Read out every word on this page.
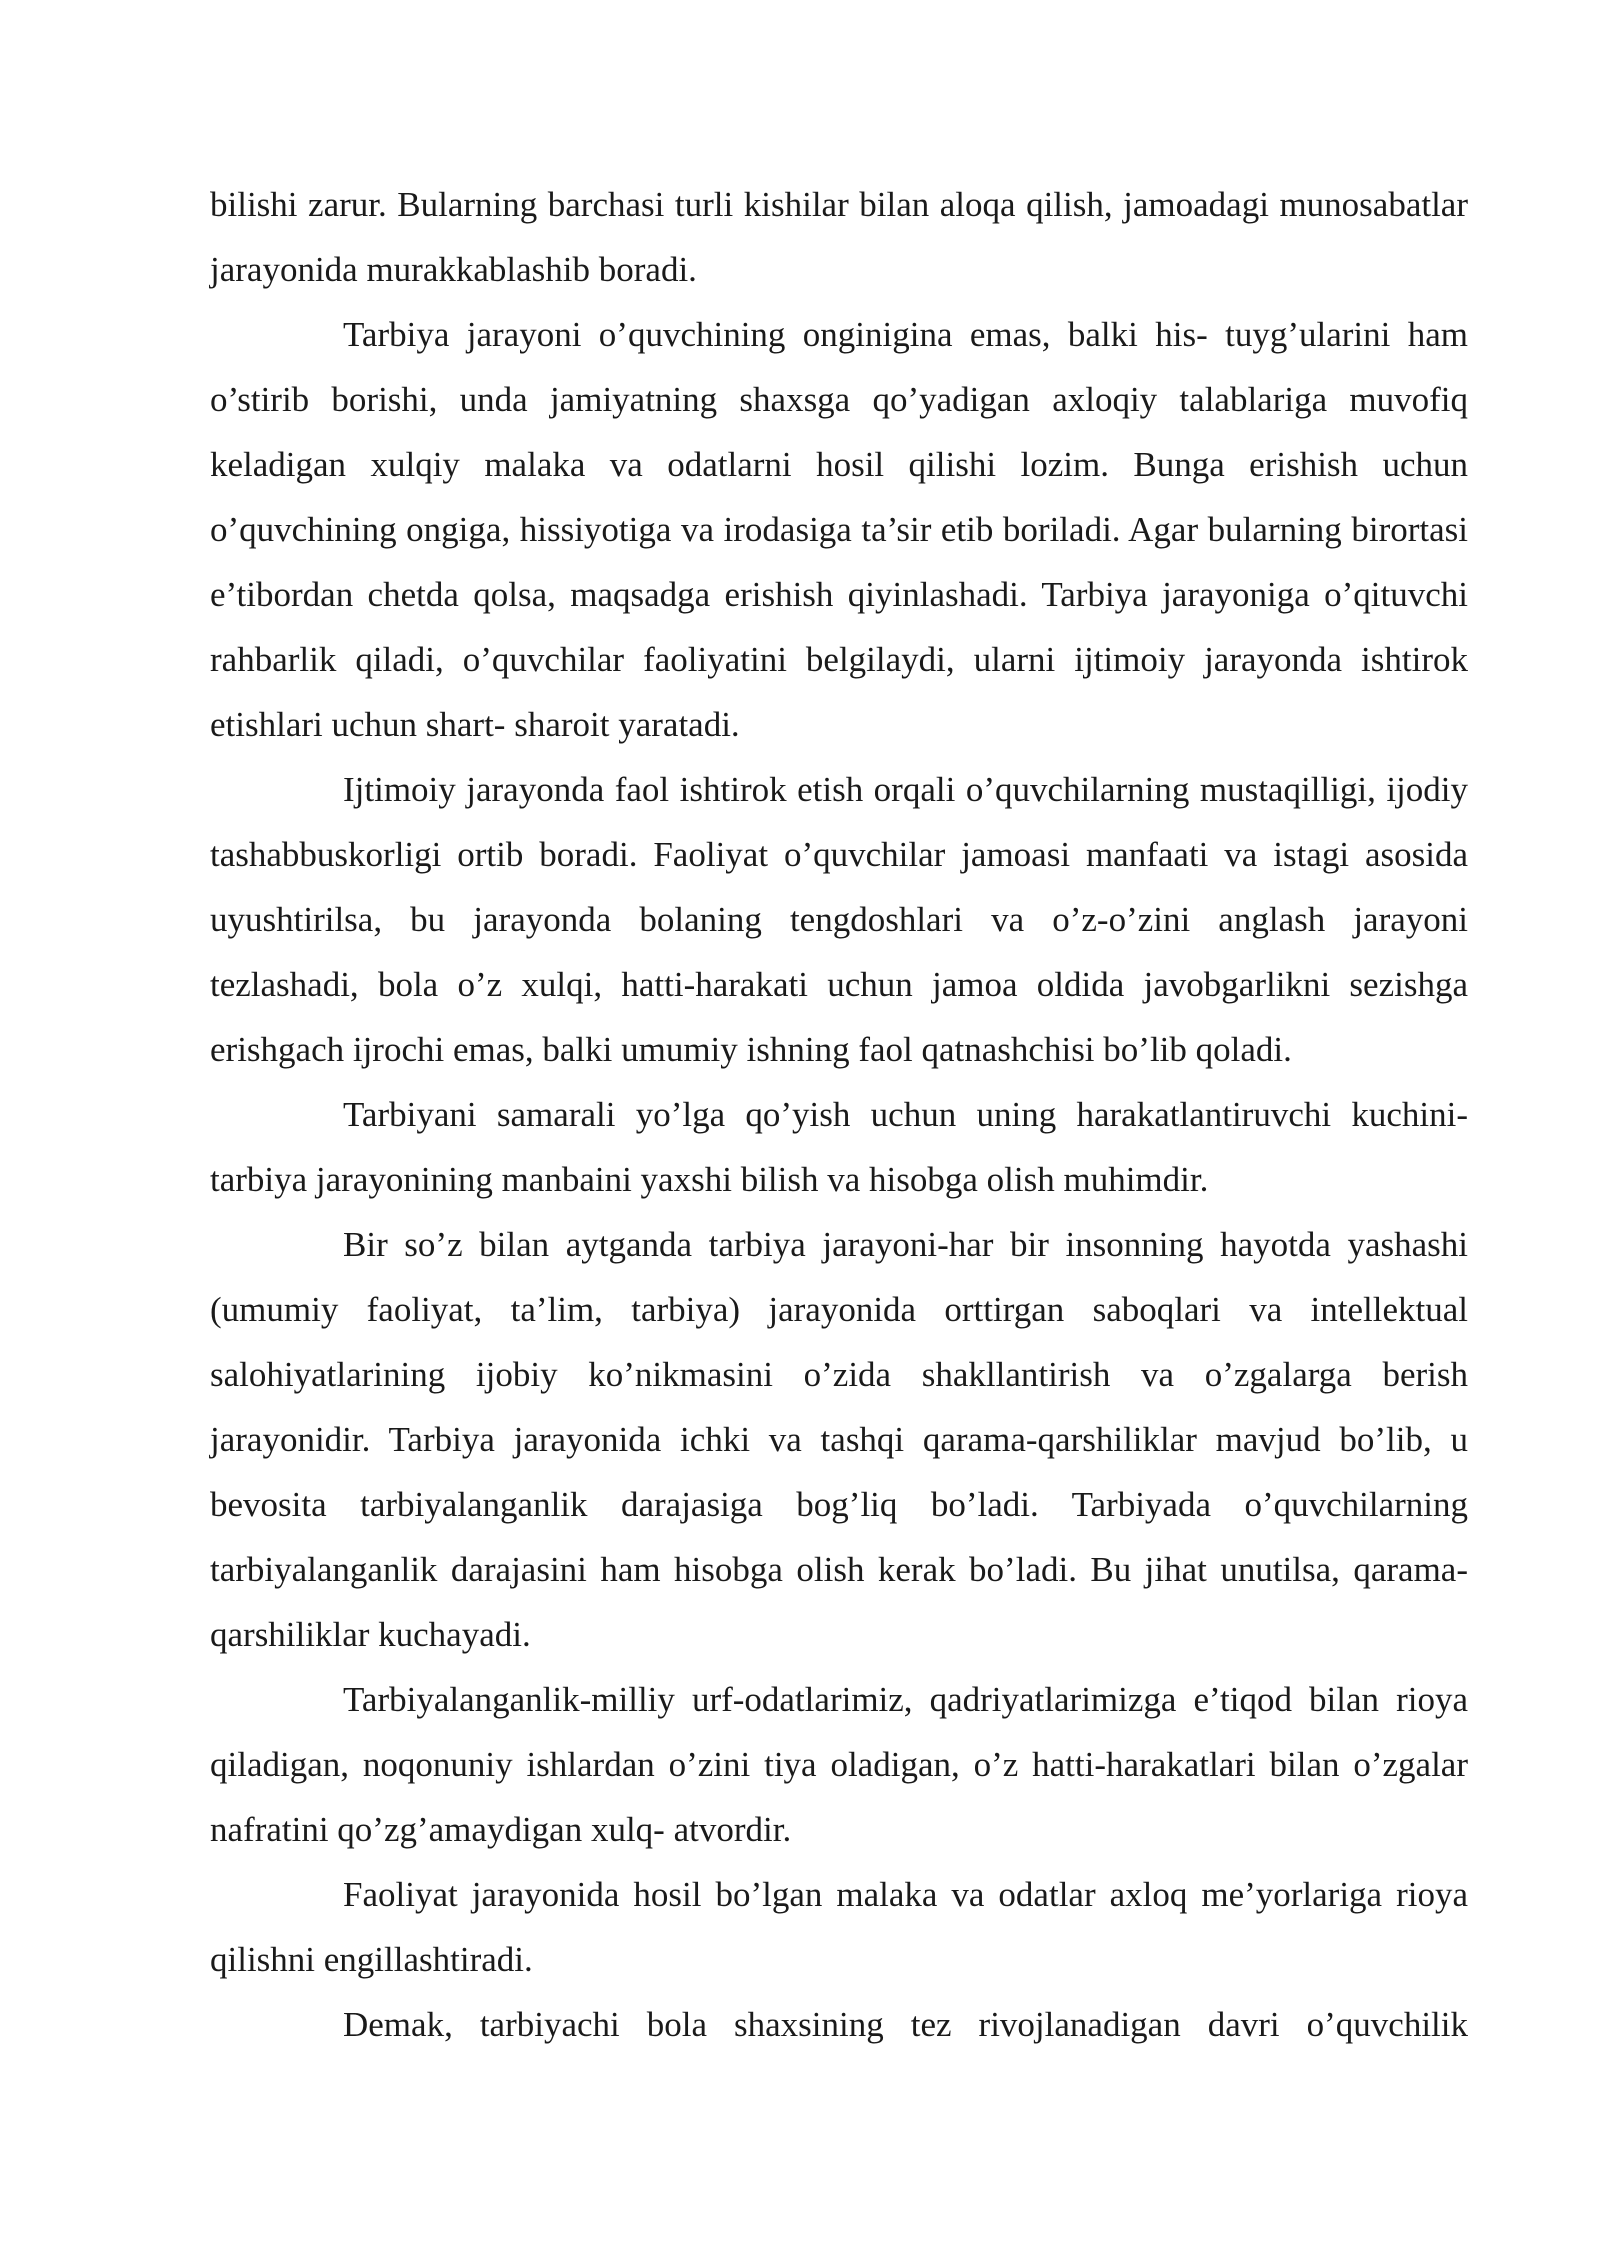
bilishi zarur. Bularning barchasi turli kishilar bilan aloqa qilish, jamoadagi munosabatlar jarayonida murakkablashib boradi.

Tarbiya jarayoni o’quvchining onginigina emas, balki his- tuyg’ularini ham o’stirib borishi, unda jamiyatning shaxsga qo’yadigan axloqiy talablariga muvofiq keladigan xulqiy malaka va odatlarni hosil qilishi lozim. Bunga erishish uchun o’quvchining ongiga, hissiyotiga va irodasiga ta’sir etib boriladi. Agar bularning birortasi e’tibordan chetda qolsa, maqsadga erishish qiyinlashadi. Tarbiya jarayoniga o’qituvchi rahbarlik qiladi, o’quvchilar faoliyatini belgilaydi, ularni ijtimoiy jarayonda ishtirok etishlari uchun shart- sharoit yaratadi.

Ijtimoiy jarayonda faol ishtirok etish orqali o’quvchilarning mustaqilligi, ijodiy tashabbuskorligi ortib boradi. Faoliyat o’quvchilar jamoasi manfaati va istagi asosida uyushtirilsa, bu jarayonda bolaning tengdoshlari va o’z-o’zini anglash jarayoni tezlashadi, bola o’z xulqi, hatti-harakati uchun jamoa oldida javobgarlikni sezishga erishgach ijrochi emas, balki umumiy ishning faol qatnashchisi bo’lib qoladi.

Tarbiyani samarali yo’lga qo’yish uchun uning harakatlantiruvchi kuchini- tarbiya jarayonining manbaini yaxshi bilish va hisobga olish muhimdir.

Bir so’z bilan aytganda tarbiya jarayoni-har bir insonning hayotda yashashi (umumiy faoliyat, ta’lim, tarbiya) jarayonida orttirgan saboqlari va intellektual salohiyatlarining ijobiy ko’nikmasini o’zida shakllantirish va o’zgalarga berish jarayonidir. Tarbiya jarayonida ichki va tashqi qarama-qarshiliklar mavjud bo’lib, u bevosita tarbiyalanganlik darajasiga bog’liq bo’ladi. Tarbiyada o’quvchilarning tarbiyalanganlik darajasini ham hisobga olish kerak bo’ladi. Bu jihat unutilsa, qarama-qarshiliklar kuchayadi.

Tarbiyalanganlik-milliy urf-odatlarimiz, qadriyatlarimizga e’tiqod bilan rioya qiladigan, noqonuniy ishlardan o’zini tiya oladigan, o’z hatti-harakatlari bilan o’zgalar nafratini qo’zg’amaydigan xulq- atvordir.

Faoliyat jarayonida hosil bo’lgan malaka va odatlar axloq me’yorlariga rioya qilishni engillashtiradi.

Demak, tarbiyachi bola shaxsining tez rivojlanadigan davri o’quvchilik
